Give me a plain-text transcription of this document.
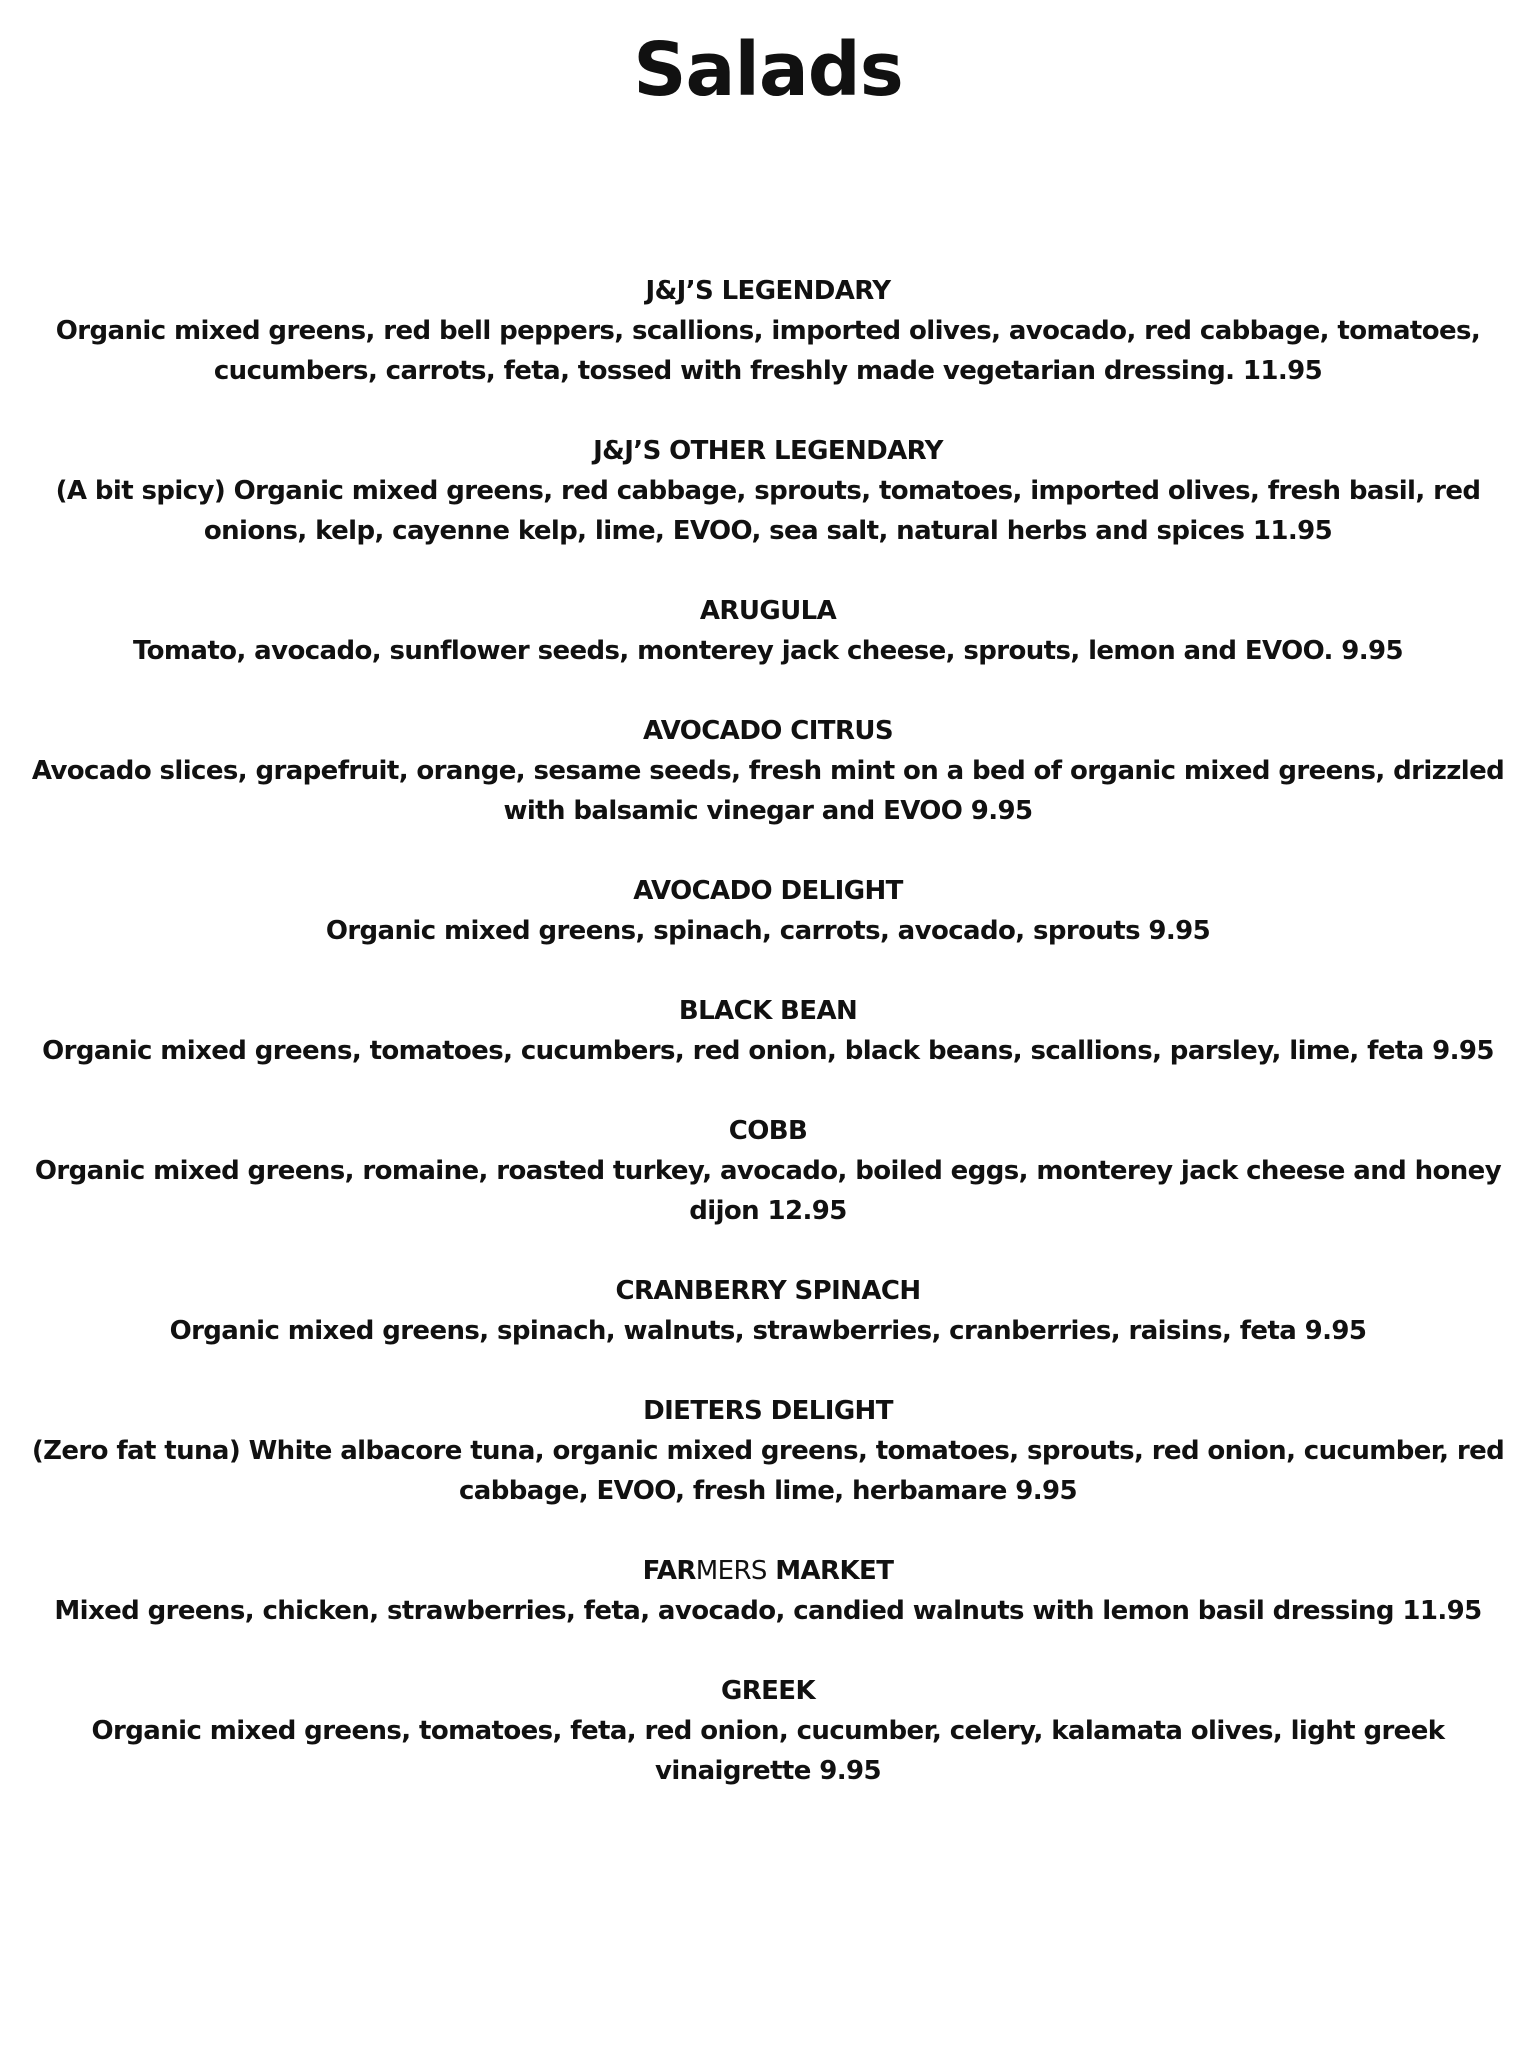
Salads
J&J’S LEGENDARY
Organic mixed greens, red bell peppers, scallions, imported olives, avocado, red cabbage, tomatoes, cucumbers, carrots, feta, tossed with freshly made vegetarian dressing. 11.95
J&J’S OTHER LEGENDARY
(A bit spicy) Organic mixed greens, red cabbage, sprouts, tomatoes, imported olives, fresh basil, red onions, kelp, cayenne kelp, lime, EVOO, sea salt, natural herbs and spices 11.95
ARUGULA
Tomato, avocado, sunflower seeds, monterey jack cheese, sprouts, lemon and EVOO. 9.95
AVOCADO CITRUS
Avocado slices, grapefruit, orange, sesame seeds, fresh mint on a bed of organic mixed greens, drizzled with balsamic vinegar and EVOO 9.95
AVOCADO DELIGHT
Organic mixed greens, spinach, carrots, avocado, sprouts 9.95
BLACK BEAN
Organic mixed greens, tomatoes, cucumbers, red onion, black beans, scallions, parsley, lime, feta 9.95
COBB
Organic mixed greens, romaine, roasted turkey, avocado, boiled eggs, monterey jack cheese and honey dijon 12.95
CRANBERRY SPINACH
Organic mixed greens, spinach, walnuts, strawberries, cranberries, raisins, feta 9.95
DIETERS DELIGHT
(Zero fat tuna) White albacore tuna, organic mixed greens, tomatoes, sprouts, red onion, cucumber, red cabbage, EVOO, fresh lime, herbamare 9.95
FARMERS MARKET
Mixed greens, chicken, strawberries, feta, avocado, candied walnuts with lemon basil dressing 11.95
GREEK
Organic mixed greens, tomatoes, feta, red onion, cucumber, celery, kalamata olives, light greek vinaigrette 9.95
